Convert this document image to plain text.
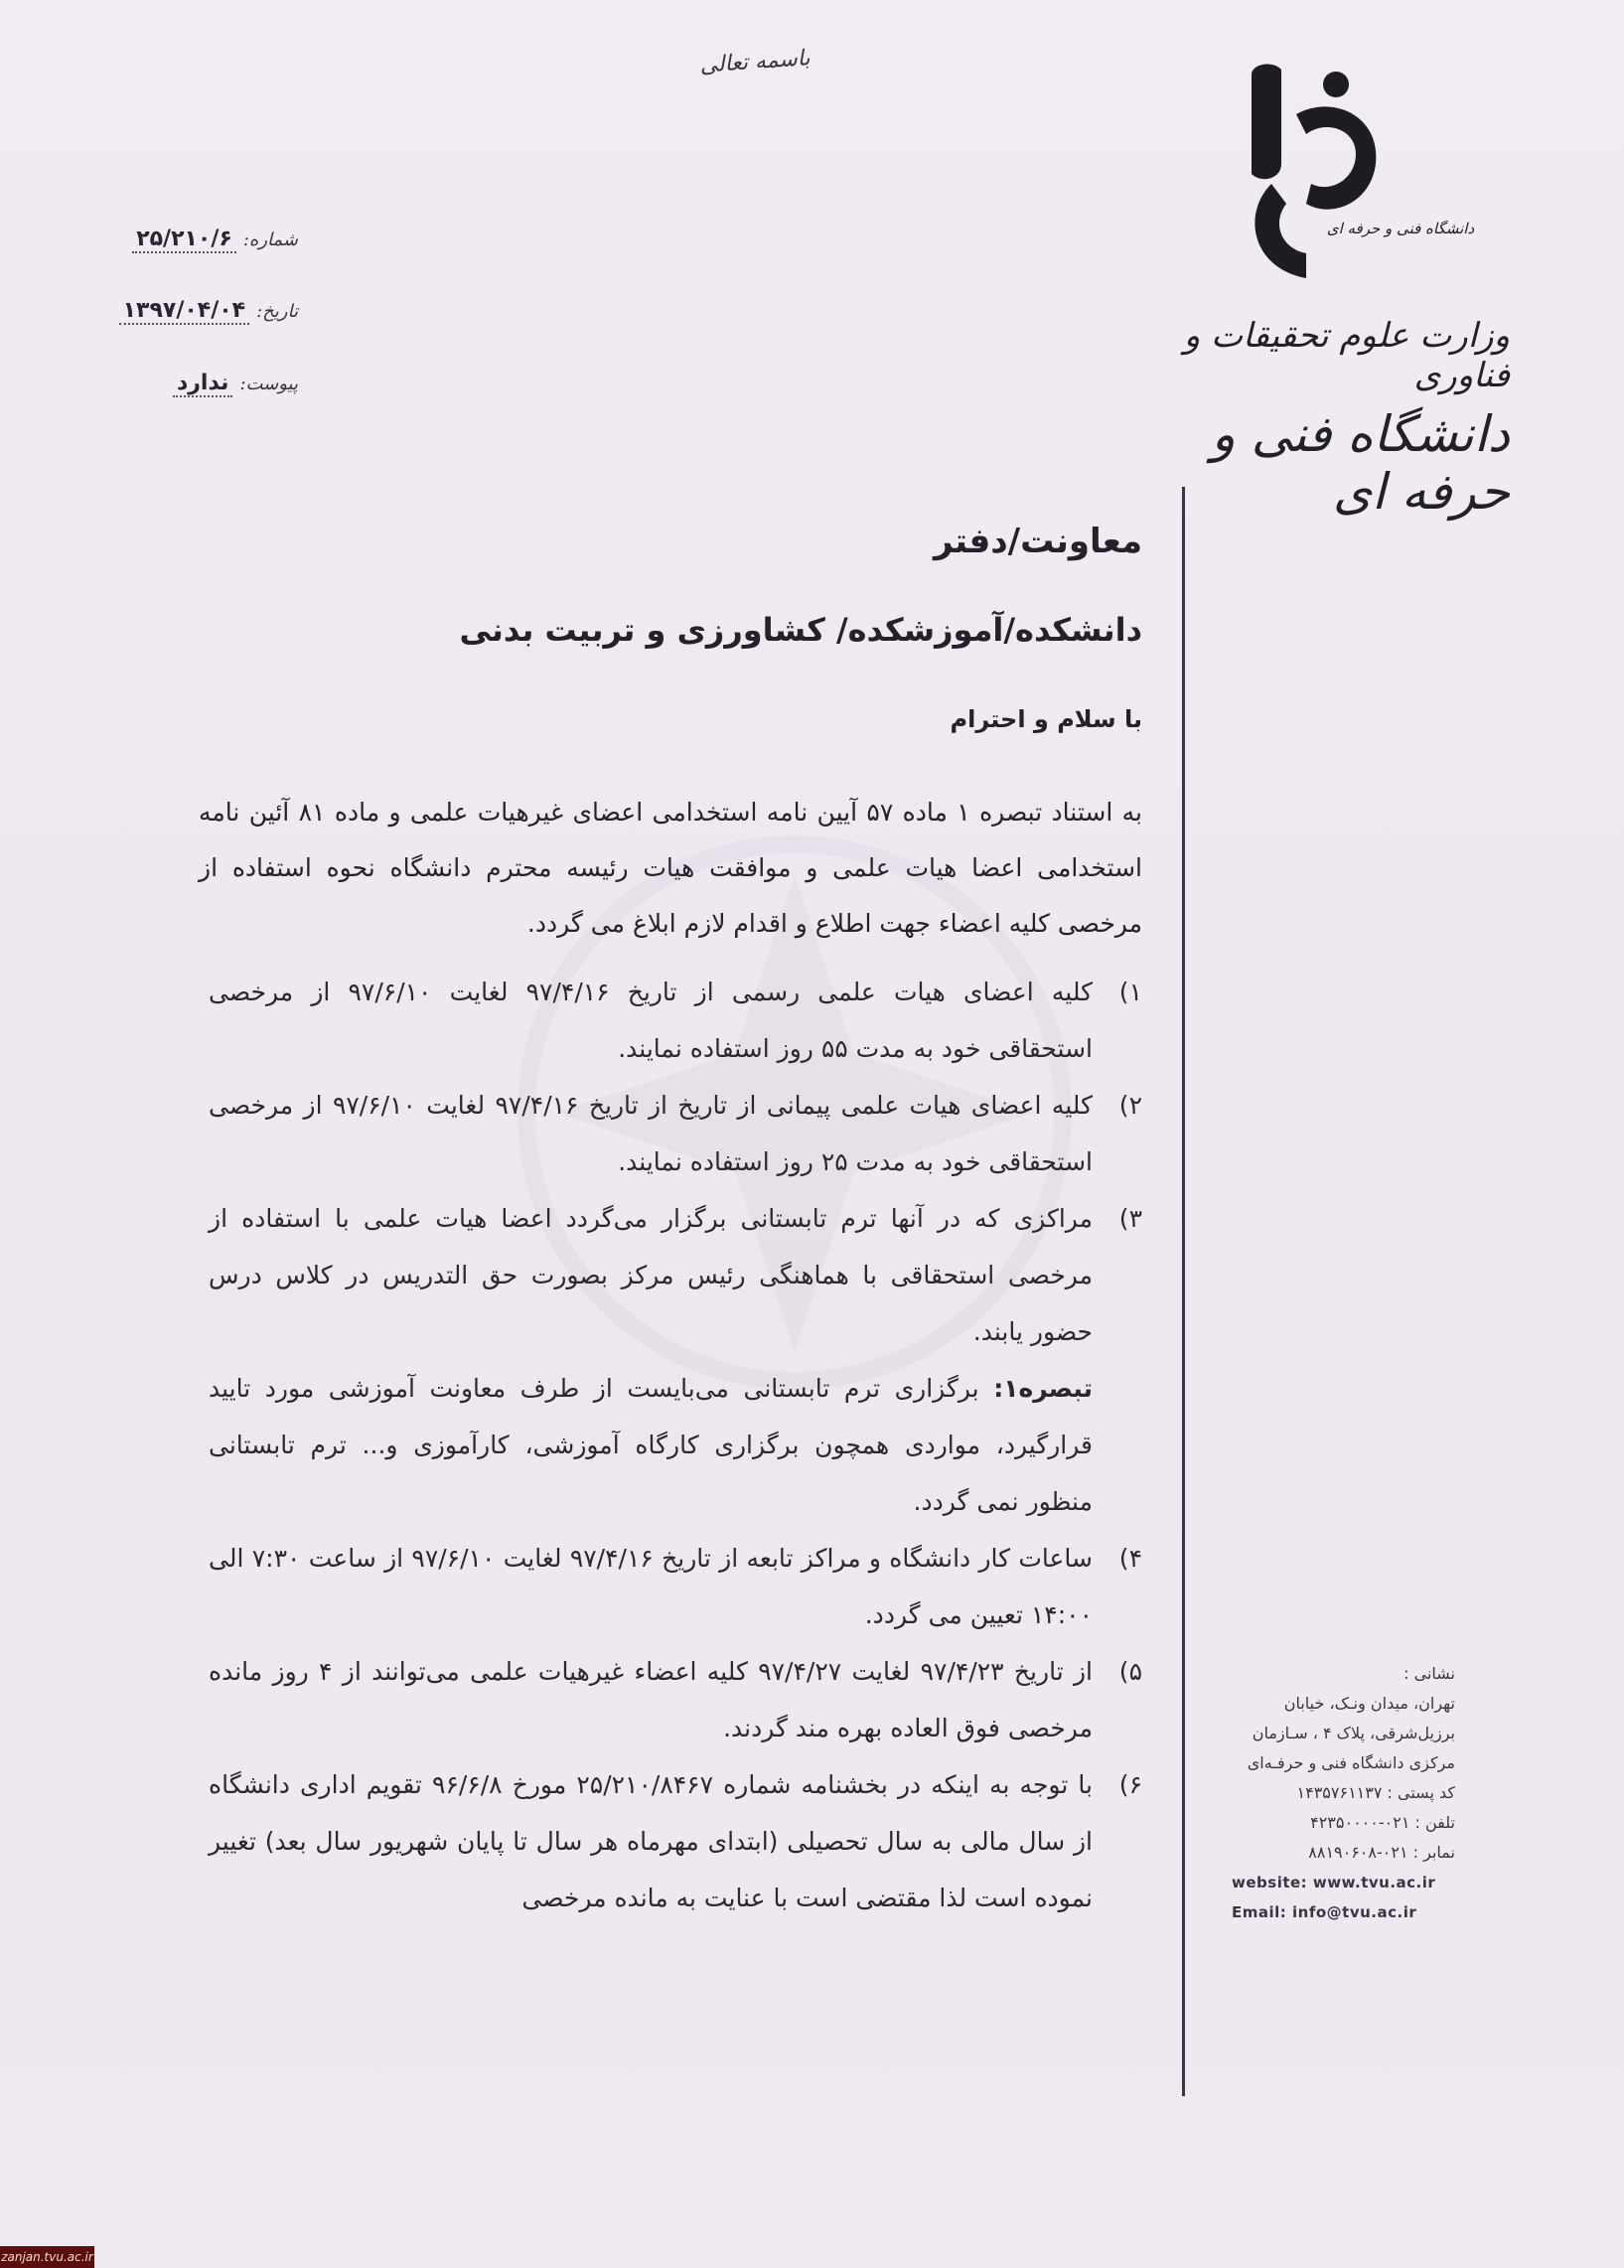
باسمه تعالی
شماره: ۲۵/۲۱۰/۶
تاریخ: ۱۳۹۷/۰۴/۰۴
پیوست: ندارد
دانشگاه فنی و حرفه ای
وزارت علوم تحقیقات و فناوری
دانشگاه فنی و حرفه ای
معاونت/دفتر
دانشکده/آموزشکده/ کشاورزی و تربیت بدنی
با سلام و احترام
به استناد تبصره ۱ ماده ۵۷ آیین نامه استخدامی اعضای غیرهیات علمی و ماده ۸۱ آئین نامه استخدامی اعضا هیات علمی و موافقت هیات رئیسه محترم دانشگاه نحوه استفاده از مرخصی کلیه اعضاء جهت اطلاع و اقدام لازم ابلاغ می گردد.
۱)
کلیه اعضای هیات علمی رسمی از تاریخ ۹۷/۴/۱۶ لغایت ۹۷/۶/۱۰ از مرخصی استحقاقی خود به مدت ۵۵ روز استفاده نمایند.
۲)
کلیه اعضای هیات علمی پیمانی از تاریخ از تاریخ ۹۷/۴/۱۶ لغایت ۹۷/۶/۱۰ از مرخصی استحقاقی خود به مدت ۲۵ روز استفاده نمایند.
۳)
مراکزی که در آنها ترم تابستانی برگزار می‌گردد اعضا هیات علمی با استفاده از مرخصی استحقاقی با هماهنگی رئیس مرکز بصورت حق التدریس در کلاس درس حضور یابند.
تبصره۱: برگزاری ترم تابستانی می‌بایست از طرف معاونت آموزشی مورد تایید قرارگیرد، مواردی همچون برگزاری کارگاه آموزشی، کارآموزی و... ترم تابستانی منظور نمی گردد.
۴)
ساعات کار دانشگاه و مراکز تابعه از تاریخ ۹۷/۴/۱۶ لغایت ۹۷/۶/۱۰ از ساعت ۷:۳۰ الی ۱۴:۰۰ تعیین می گردد.
۵)
از تاریخ ۹۷/۴/۲۳ لغایت ۹۷/۴/۲۷ کلیه اعضاء غیرهیات علمی می‌توانند از ۴ روز مانده مرخصی فوق العاده بهره مند گردند.
۶)
با توجه به اینکه در بخشنامه شماره ۲۵/۲۱۰/۸۴۶۷ مورخ ۹۶/۶/۸ تقویم اداری دانشگاه از سال مالی به سال تحصیلی (ابتدای مهرماه هر سال تا پایان شهریور سال بعد) تغییر نموده است لذا مقتضی است با عنایت به مانده مرخصی
نشانی :
تهران، میدان ونـک، خیابان
برزیل‌شرقی، پلاک ۴ ، سـازمان
مرکزی دانشگاه فنی و حرفـه‌ای
کد پستی : ۱۴۳۵۷۶۱۱۳۷
تلفن : ۰۲۱-۴۲۳۵۰۰۰۰
نمابر : ۰۲۱-۸۸۱۹۰۶۰۸
website: www.tvu.ac.ir
Email: info@tvu.ac.ir
zanjan.tvu.ac.ir
